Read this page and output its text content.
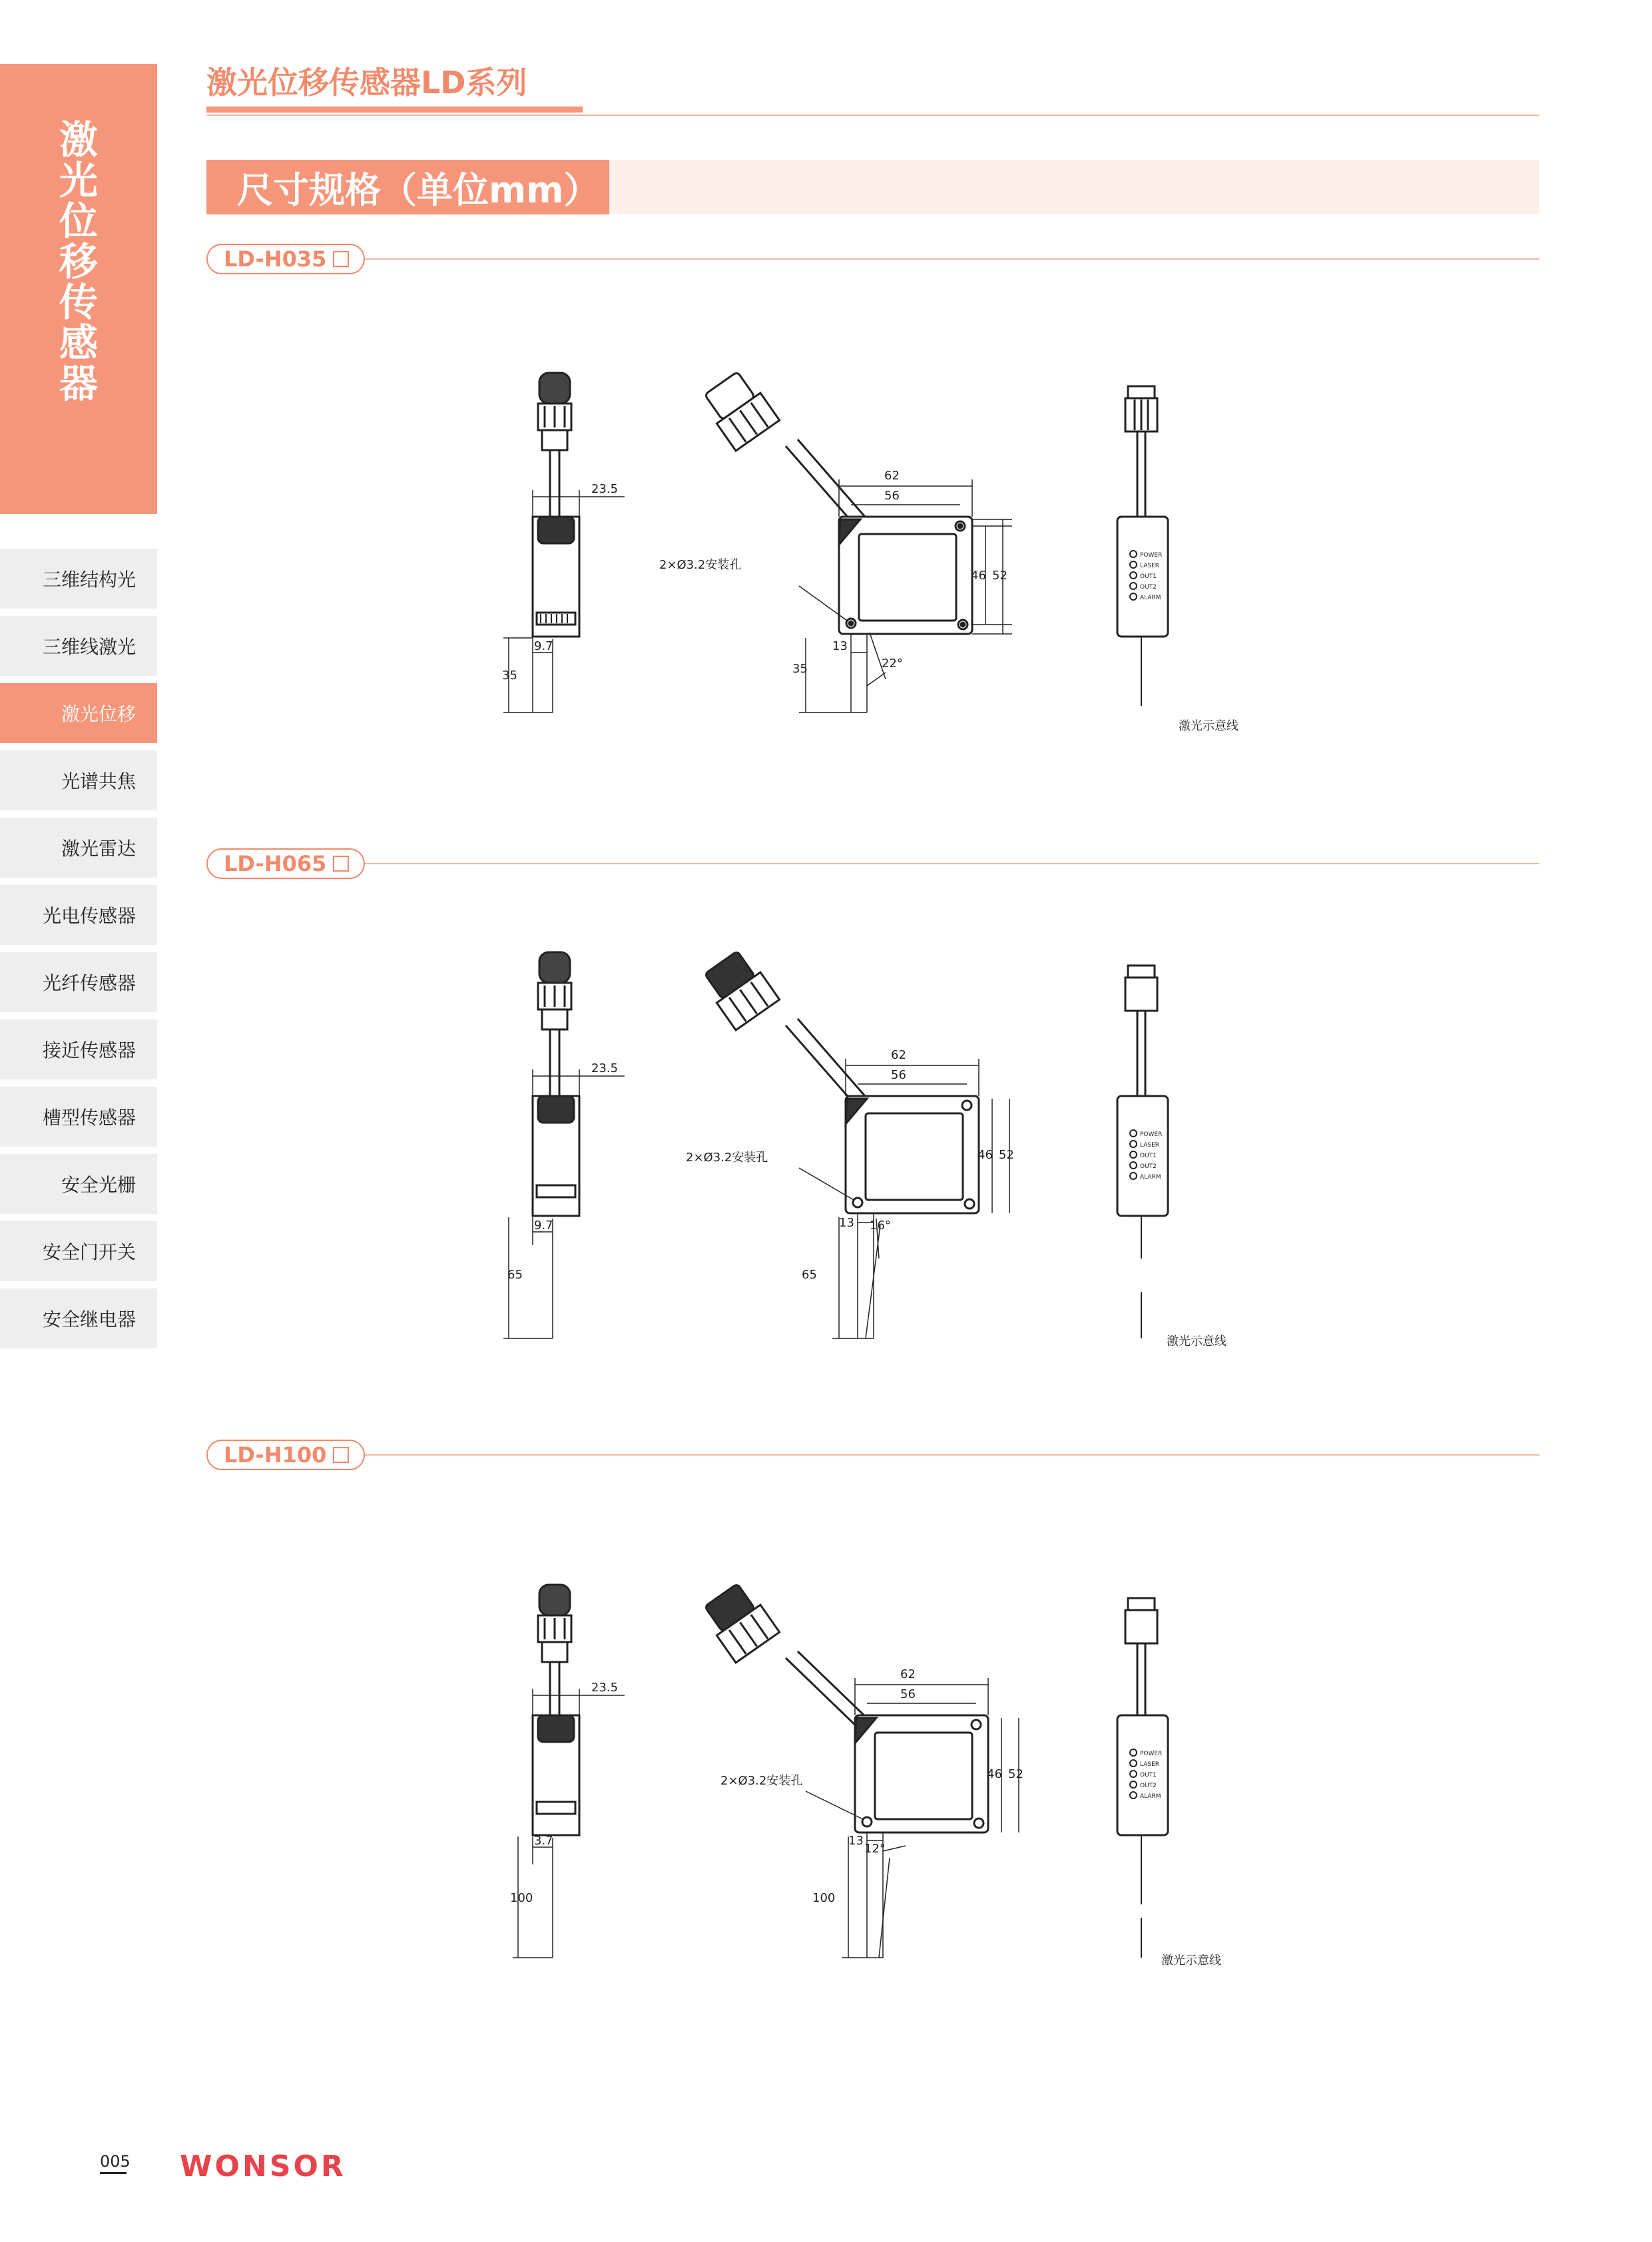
激
光
位
移
传
感
器
三维结构光
三维线激光
激光位移
光谱共焦
激光雷达
光电传感器
光纤传感器
接近传感器
槽型传感器
安全光栅
安全门开关
安全继电器
激光位移传感器LD系列
尺寸规格（单位mm）
LD-H035
LD-H065
LD-H100
23.5
9.7
35
62
56
46 52
2×Ø3.2安装孔
13
22°
35
POWER
LASER
OUT1
OUT2
ALARM
激光示意线
23.5
9.7
65
62
56
46 52
2×Ø3.2安装孔
13 16°
65
POWER
LASER
OUT1
OUT2
ALARM
激光示意线
23.5
3.7
100
62
56
46 52
2×Ø3.2安装孔
13
12°
100
POWER
LASER
OUT1
OUT2
ALARM
激光示意线
005 WONSOR
